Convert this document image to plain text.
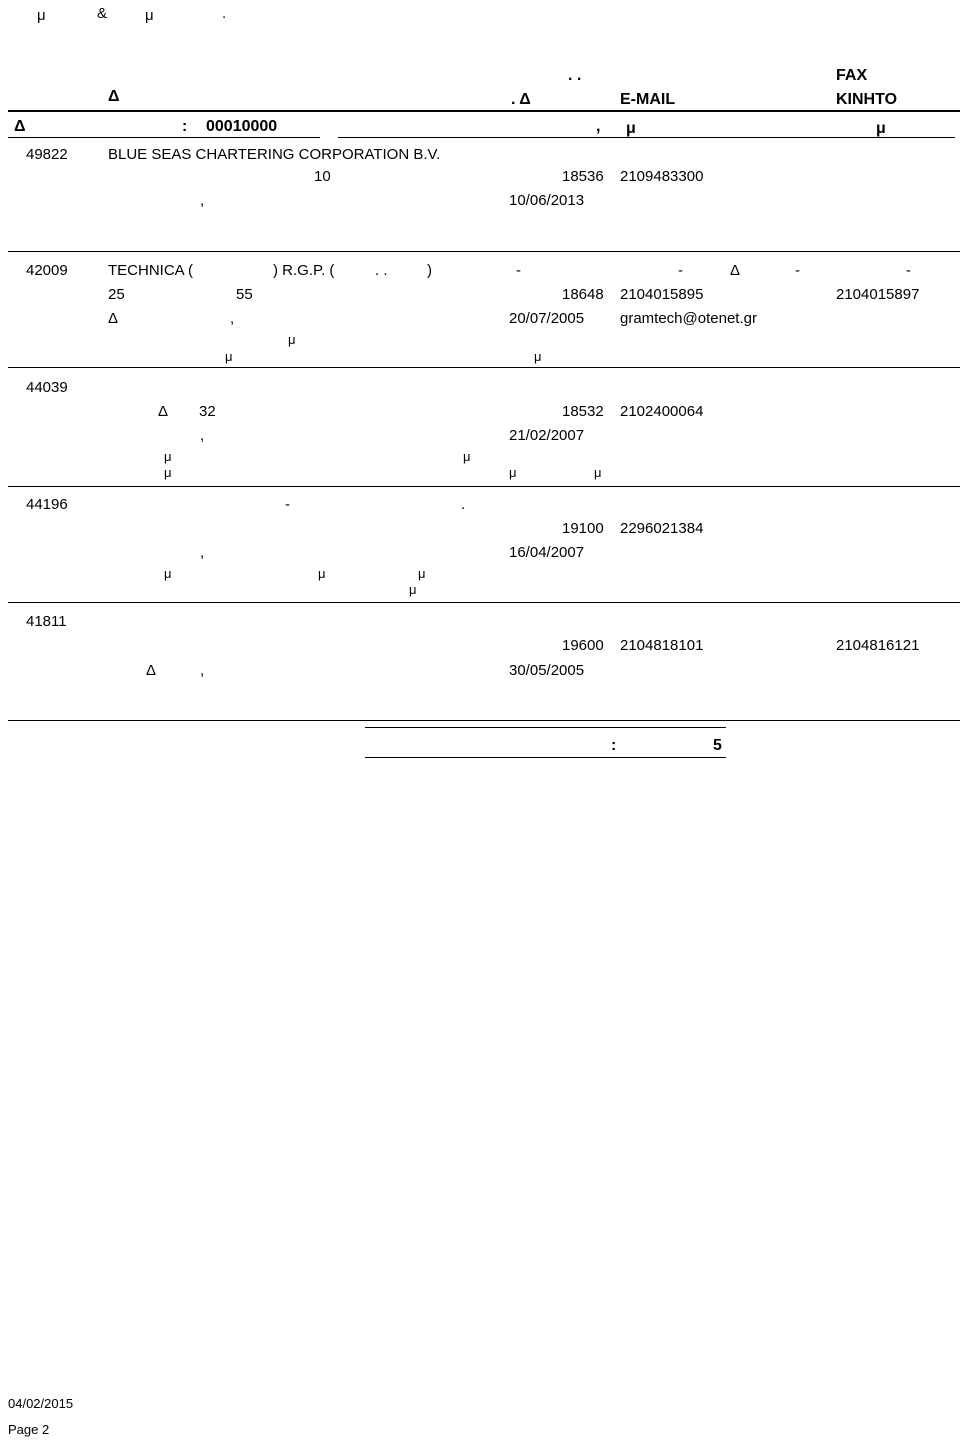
μ	&	μ	.
. .	FAX
Δ	. Δ	E-MAIL	ΚΙΝΗΤΟ
Δ	: 00010000	, μ	μ
49822	BLUE SEAS CHARTERING CORPORATION B.V.
10	18536 2109483300
,	10/06/2013
42009	TECHNICA (	) R.G.P. (	. .	)	-	-	Δ	-	-
25	55	18648 2104015895	2104015897
Δ	,	20/07/2005 gramtech@otenet.gr
μ
μ	μ
44039
Δ 32	18532 2102400064
,	21/02/2007
μ	μ
μ	μ	μ
44196	-	.
19100 2296021384
,	16/04/2007
μ	μ	μ
μ
41811
19600 2104818101	2104816121
Δ	,	30/05/2005
:	5
04/02/2015
Page 2
